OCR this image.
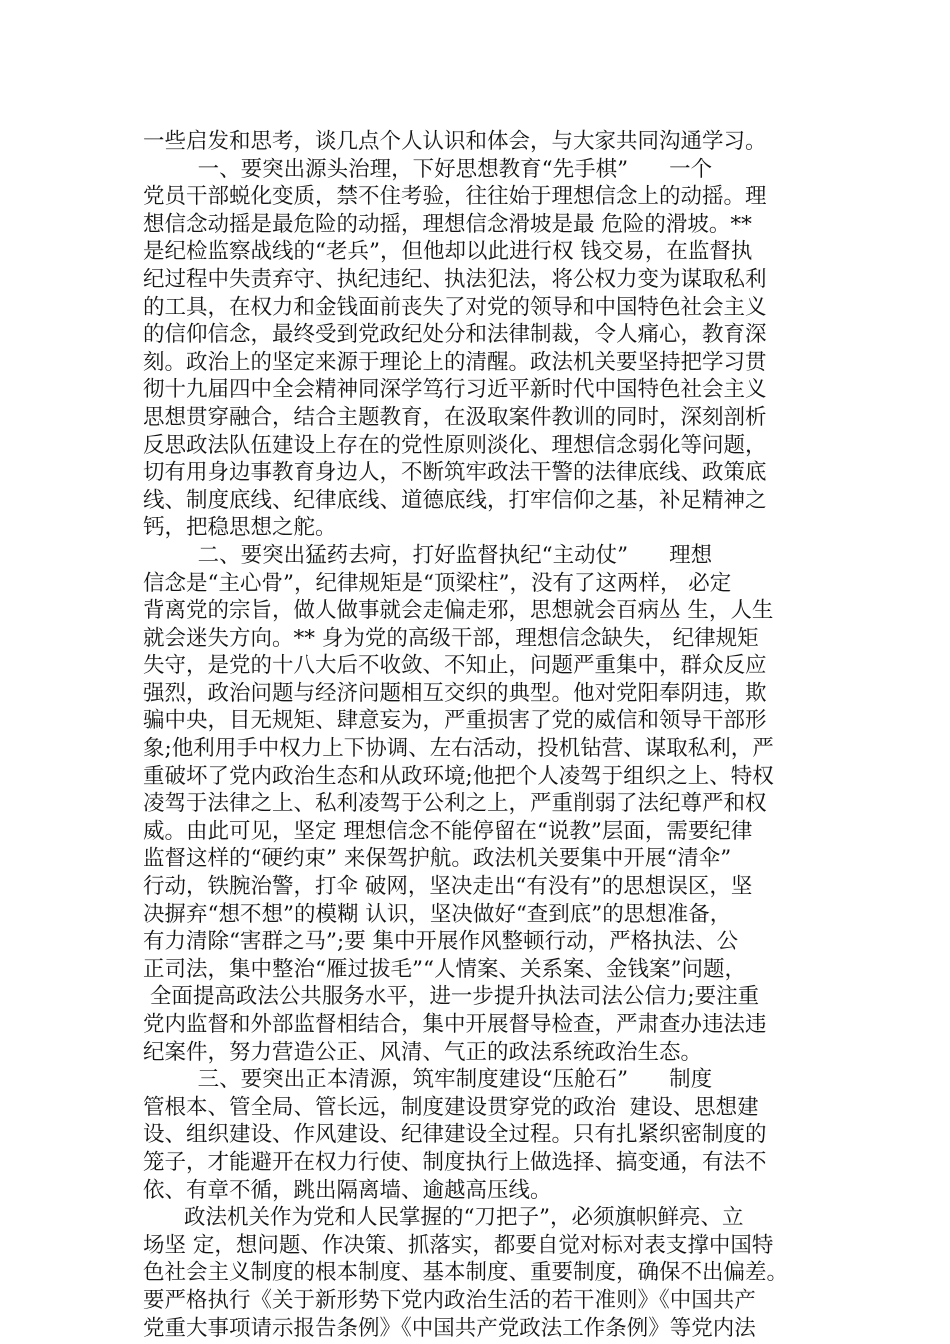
一些启发和思考，谈几点个人认识和体会，与大家共同沟通学习。
一、要突出源头治理，下好思想教育“先手棋”      一个
党员干部蜕化变质，禁不住考验，往往始于理想信念上的动摇。理
想信念动摇是最危险的动摇，理想信念滑坡是最 危险的滑坡。**
是纪检监察战线的“老兵”，但他却以此进行权 钱交易，在监督执
纪过程中失责弃守、执纪违纪、执法犯法，将公权力变为谋取私利
的工具，在权力和金钱面前丧失了对党的领导和中国特色社会主义
的信仰信念，最终受到党政纪处分和法律制裁，令人痛心，教育深
刻。政治上的坚定来源于理论上的清醒。政法机关要坚持把学习贯
彻十九届四中全会精神同深学笃行习近平新时代中国特色社会主义
思想贯穿融合，结合主题教育，在汲取案件教训的同时，深刻剖析
反思政法队伍建设上存在的党性原则淡化、理想信念弱化等问题，
切有用身边事教育身边人，不断筑牢政法干警的法律底线、政策底
线、制度底线、纪律底线、道德底线，打牢信仰之基，补足精神之
钙，把稳思想之舵。
二、要突出猛药去疴，打好监督执纪“主动仗”      理想
信念是“主心骨”，纪律规矩是“顶梁柱”，没有了这两样， 必定
背离党的宗旨，做人做事就会走偏走邪，思想就会百病丛 生，人生
就会迷失方向。** 身为党的高级干部，理想信念缺失， 纪律规矩
失守，是党的十八大后不收敛、不知止，问题严重集中，群众反应
强烈，政治问题与经济问题相互交织的典型。他对党阳奉阴违，欺
骗中央，目无规矩、肆意妄为，严重损害了党的威信和领导干部形
象;他利用手中权力上下协调、左右活动，投机钻营、谋取私利，严
重破坏了党内政治生态和从政环境;他把个人凌驾于组织之上、特权
凌驾于法律之上、私利凌驾于公利之上，严重削弱了法纪尊严和权
威。由此可见，坚定 理想信念不能停留在“说教”层面，需要纪律
监督这样的“硬约束” 来保驾护航。政法机关要集中开展“清伞”
行动，铁腕治警，打伞 破网，坚决走出“有没有”的思想误区，坚
决摒弃“想不想”的模糊 认识，坚决做好“查到底”的思想准备，
有力清除“害群之马”;要 集中开展作风整顿行动，严格执法、公
正司法，集中整治“雁过拔毛”“人情案、关系案、金钱案”问题，
全面提高政法公共服务水平，进一步提升执法司法公信力;要注重
党内监督和外部监督相结合，集中开展督导检查，严肃查办违法违
纪案件，努力营造公正、风清、气正的政法系统政治生态。
三、要突出正本清源，筑牢制度建设“压舱石”      制度
管根本、管全局、管长远，制度建设贯穿党的政治  建设、思想建
设、组织建设、作风建设、纪律建设全过程。只有扎紧织密制度的
笼子，才能避开在权力行使、制度执行上做选择、搞变通，有法不
依、有章不循，跳出隔离墙、逾越高压线。
政法机关作为党和人民掌握的“刀把子”，必须旗帜鲜亮、立
场坚 定，想问题、作决策、抓落实，都要自觉对标对表支撑中国特
色社会主义制度的根本制度、基本制度、重要制度，确保不出偏差。
要严格执行《关于新形势下党内政治生活的若干准则》《中国共产
党重大事项请示报告条例》《中国共产党政法工作条例》等党内法
